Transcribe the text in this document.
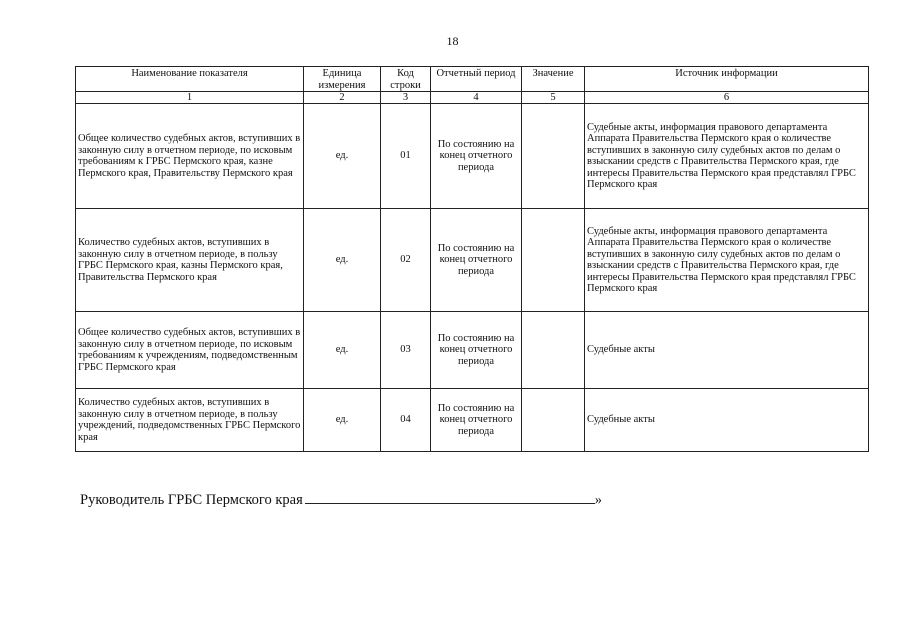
18
Наименование показателя	Единица измерения	Код строки	Отчетный период	Значение	Источник информации
1	2	3	4	5	6
Общее количество судебных актов, вступивших в законную силу в отчетном периоде, по исковым требованиям к ГРБС Пермского края, казне Пермского края, Правительству Пермского края	ед.	01	По состоянию на конец отчетного периода		Судебные акты, информация правового департамента Аппарата Правительства Пермского края о количестве вступивших в законную силу судебных актов по делам о взыскании средств с Правительства Пермского края, где интересы Правительства Пермского края представлял ГРБС Пермского края
Количество судебных актов, вступивших в законную силу в отчетном периоде, в пользу ГРБС Пермского края, казны Пермского края, Правительства Пермского края	ед.	02	По состоянию на конец отчетного периода		Судебные акты, информация правового департамента Аппарата Правительства Пермского края о количестве вступивших в законную силу судебных актов по делам о взыскании средств с Правительства Пермского края, где интересы Правительства Пермского края представлял ГРБС Пермского края
Общее количество судебных актов, вступивших в законную силу в отчетном периоде, по исковым требованиям к учреждениям, подведомственным ГРБС Пермского края	ед.	03	По состоянию на конец отчетного периода		Судебные акты
Количество судебных актов, вступивших в законную силу в отчетном периоде, в пользу учреждений, подведомственных ГРБС Пермского края	ед.	04	По состоянию на конец отчетного периода		Судебные акты
Руководитель ГРБС Пермского края	»
